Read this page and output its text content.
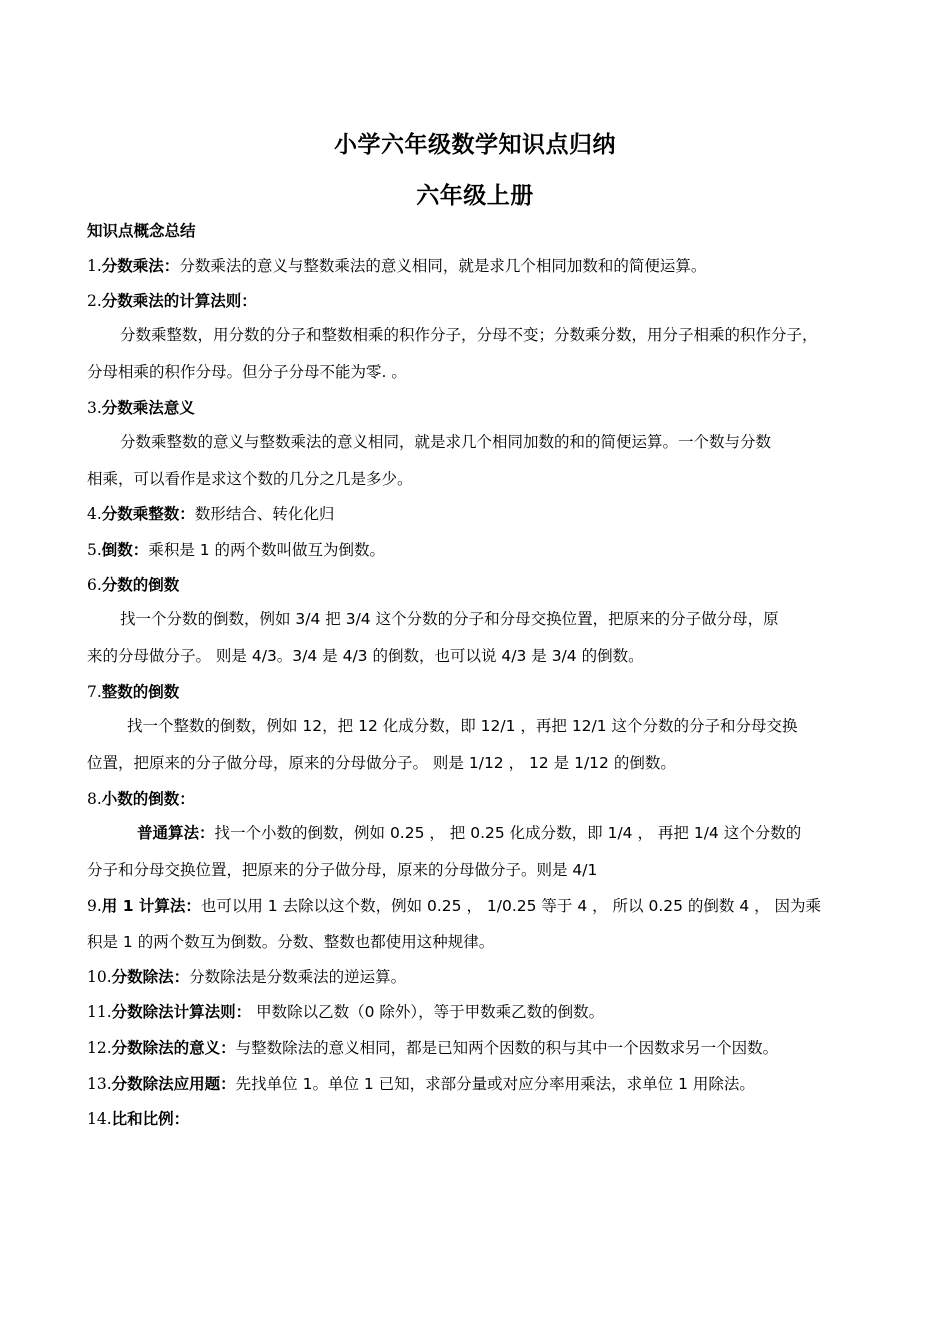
小学六年级数学知识点归纳
六年级上册
知识点概念总结
1.分数乘法：分数乘法的意义与整数乘法的意义相同，就是求几个相同加数和的简便运算。
2.分数乘法的计算法则：
分数乘整数，用分数的分子和整数相乘的积作分子，分母不变；分数乘分数，用分子相乘的积作分子，
分母相乘的积作分母。但分子分母不能为零. 。
3.分数乘法意义
分数乘整数的意义与整数乘法的意义相同，就是求几个相同加数的和的简便运算。一个数与分数
相乘，可以看作是求这个数的几分之几是多少。
4.分数乘整数：数形结合、转化化归
5.倒数：乘积是 1 的两个数叫做互为倒数。
6.分数的倒数
找一个分数的倒数，例如 3/4 把 3/4 这个分数的分子和分母交换位置，把原来的分子做分母，原
来的分母做分子。 则是 4/3。3/4 是 4/3 的倒数，也可以说 4/3 是 3/4 的倒数。
7.整数的倒数
找一个整数的倒数，例如 12，把 12 化成分数，即 12/1 ，再把 12/1 这个分数的分子和分母交换
位置，把原来的分子做分母，原来的分母做分子。 则是 1/12 ， 12 是 1/12 的倒数。
8.小数的倒数：
普通算法：找一个小数的倒数，例如 0.25 ， 把 0.25 化成分数，即 1/4 ， 再把 1/4 这个分数的
分子和分母交换位置，把原来的分子做分母，原来的分母做分子。则是 4/1
9.用 1 计算法：也可以用 1 去除以这个数，例如 0.25 ， 1/0.25 等于 4 ， 所以 0.25 的倒数 4 ， 因为乘
积是 1 的两个数互为倒数。分数、整数也都使用这种规律。
10.分数除法：分数除法是分数乘法的逆运算。
11.分数除法计算法则： 甲数除以乙数（0 除外），等于甲数乘乙数的倒数。
12.分数除法的意义：与整数除法的意义相同，都是已知两个因数的积与其中一个因数求另一个因数。
13.分数除法应用题：先找单位 1。单位 1 已知，求部分量或对应分率用乘法，求单位 1 用除法。
14.比和比例：
